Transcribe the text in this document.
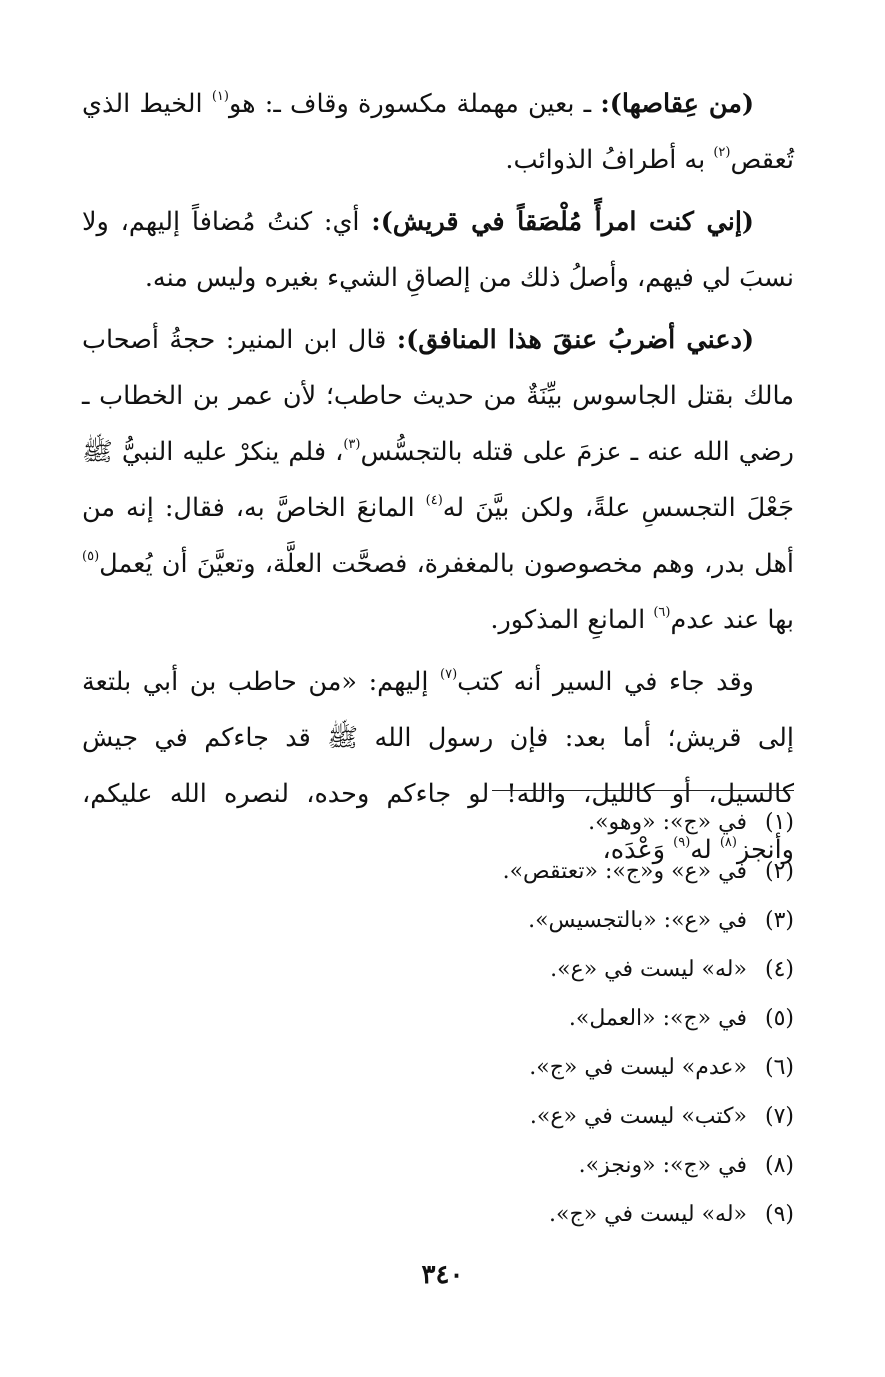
(من عِقاصها): ـ بعين مهملة مكسورة وقاف ـ: هو$^{(١)}$ الخيط الذي تُعقص$^{(٢)}$ به أطرافُ الذوائب.

(إني كنت امرأً مُلْصَقاً في قريش): أي: كنتُ مُضافاً إليهم، ولا نسبَ لي فيهم، وأصلُ ذلك من إلصاقِ الشيء بغيره وليس منه.

(دعني أضربُ عنقَ هذا المنافق): قال ابن المنير: حجةُ أصحاب مالك بقتل الجاسوس بيِّنَةٌ من حديث حاطب؛ لأن عمر بن الخطاب ـ رضي الله عنه ـ عزمَ على قتله بالتجسُّس$^{(٣)}$، فلم ينكرْ عليه النبيُّ ﷺ جَعْلَ التجسسِ علةً، ولكن بيَّنَ له$^{(٤)}$ المانعَ الخاصَّ به، فقال: إنه من أهل بدر، وهم مخصوصون بالمغفرة، فصحَّت العلَّة، وتعيَّنَ أن يُعمل$^{(٥)}$ بها عند عدم$^{(٦)}$ المانعِ المذكور.

وقد جاء في السير أنه كتب$^{(٧)}$ إليهم: «من حاطب بن أبي بلتعة إلى قريش؛ أما بعد: فإن رسول الله ﷺ قد جاءكم في جيش كالسيل، أو كالليل، والله! لو جاءكم وحده، لنصره الله عليكم، وأنجز$^{(٨)}$ له$^{(٩)}$ وَعْدَه،

(١)في «ج»: «وهو».
(٢)في «ع» و«ج»: «تعتقص».
(٣)في «ع»: «بالتجسيس».
(٤)«له» ليست في «ع».
(٥)في «ج»: «العمل».
(٦)«عدم» ليست في «ج».
(٧)«كتب» ليست في «ع».
(٨)في «ج»: «ونجز».
(٩)«له» ليست في «ج».
٣٤٠
